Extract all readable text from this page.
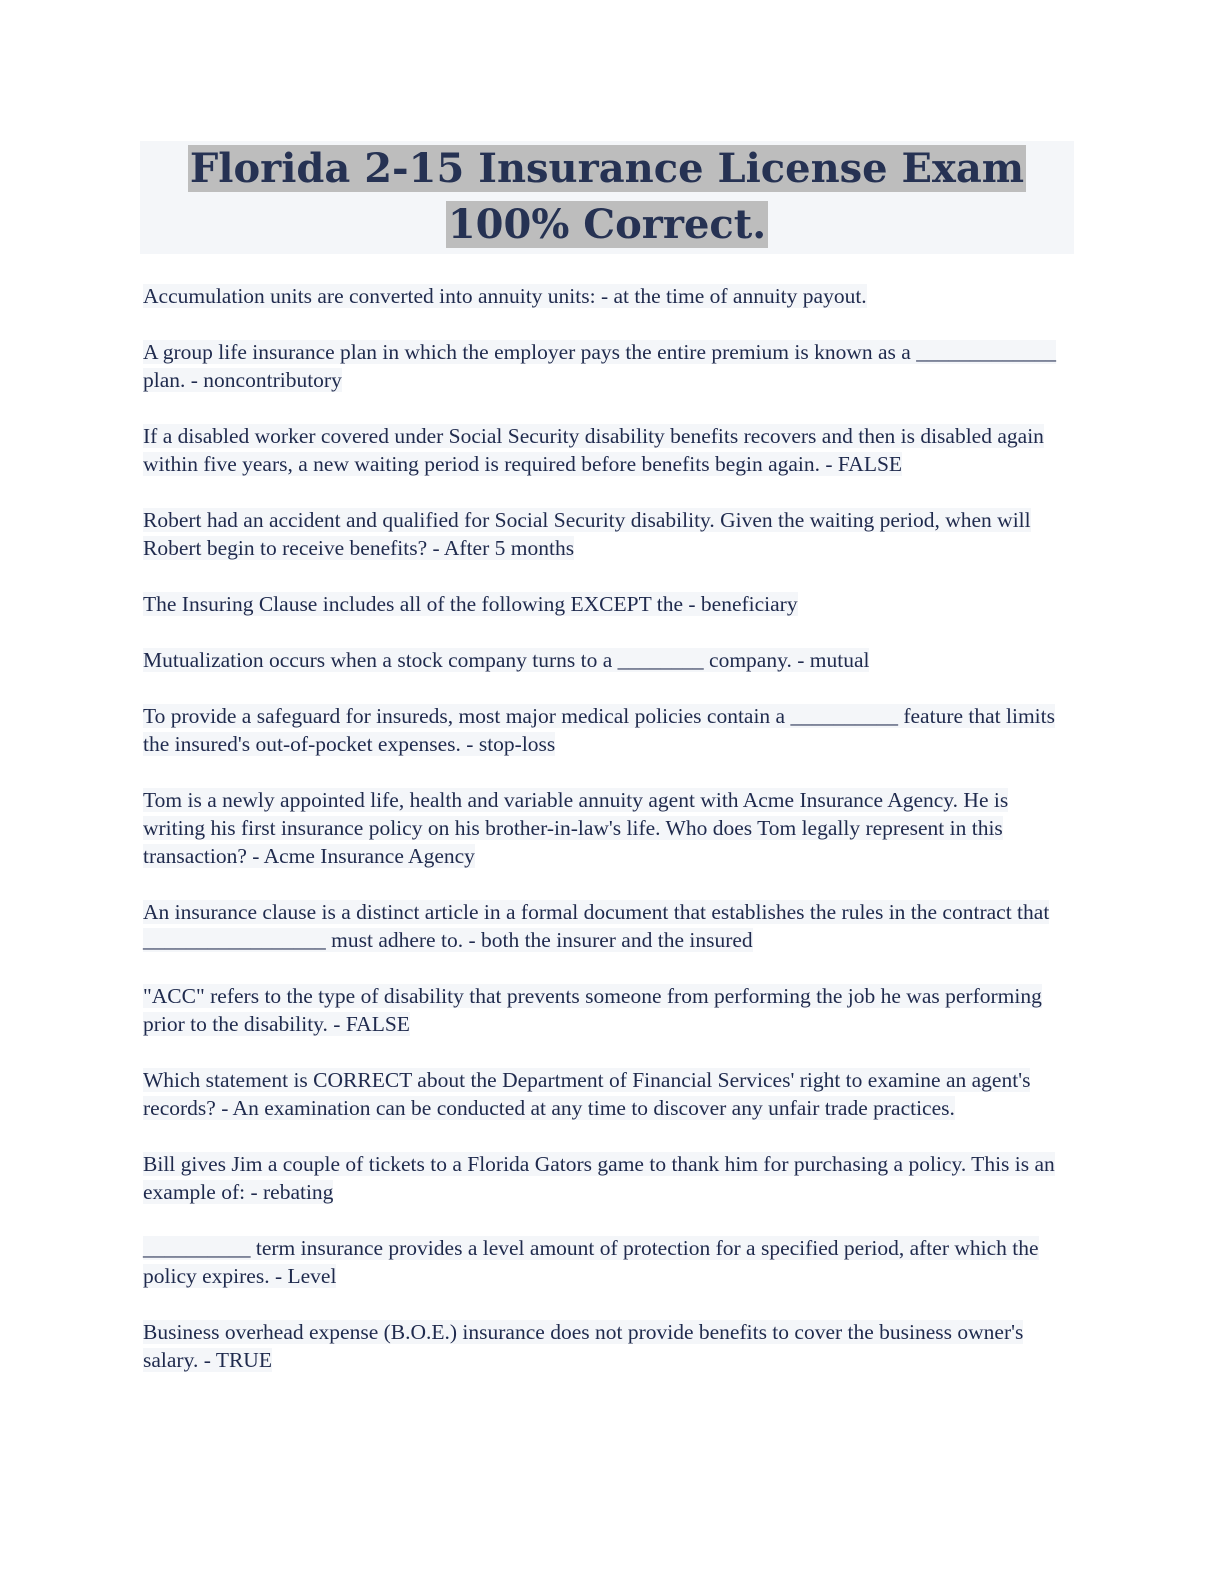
Florida 2-15 Insurance License Exam
100% Correct.

Accumulation units are converted into annuity units: - at the time of annuity payout.

A group life insurance plan in which the employer pays the entire premium is known as a _____________ plan. - noncontributory

If a disabled worker covered under Social Security disability benefits recovers and then is disabled again within five years, a new waiting period is required before benefits begin again. - FALSE

Robert had an accident and qualified for Social Security disability. Given the waiting period, when will Robert begin to receive benefits? - After 5 months

The Insuring Clause includes all of the following EXCEPT the - beneficiary

Mutualization occurs when a stock company turns to a ________ company. - mutual

To provide a safeguard for insureds, most major medical policies contain a __________ feature that limits the insured's out-of-pocket expenses. - stop-loss

Tom is a newly appointed life, health and variable annuity agent with Acme Insurance Agency. He is writing his first insurance policy on his brother-in-law's life. Who does Tom legally represent in this transaction? - Acme Insurance Agency

An insurance clause is a distinct article in a formal document that establishes the rules in the contract that _________________ must adhere to. - both the insurer and the insured

"ACC" refers to the type of disability that prevents someone from performing the job he was performing prior to the disability. - FALSE

Which statement is CORRECT about the Department of Financial Services' right to examine an agent's records? - An examination can be conducted at any time to discover any unfair trade practices.

Bill gives Jim a couple of tickets to a Florida Gators game to thank him for purchasing a policy. This is an example of: - rebating

__________ term insurance provides a level amount of protection for a specified period, after which the policy expires. - Level

Business overhead expense (B.O.E.) insurance does not provide benefits to cover the business owner's salary. - TRUE
